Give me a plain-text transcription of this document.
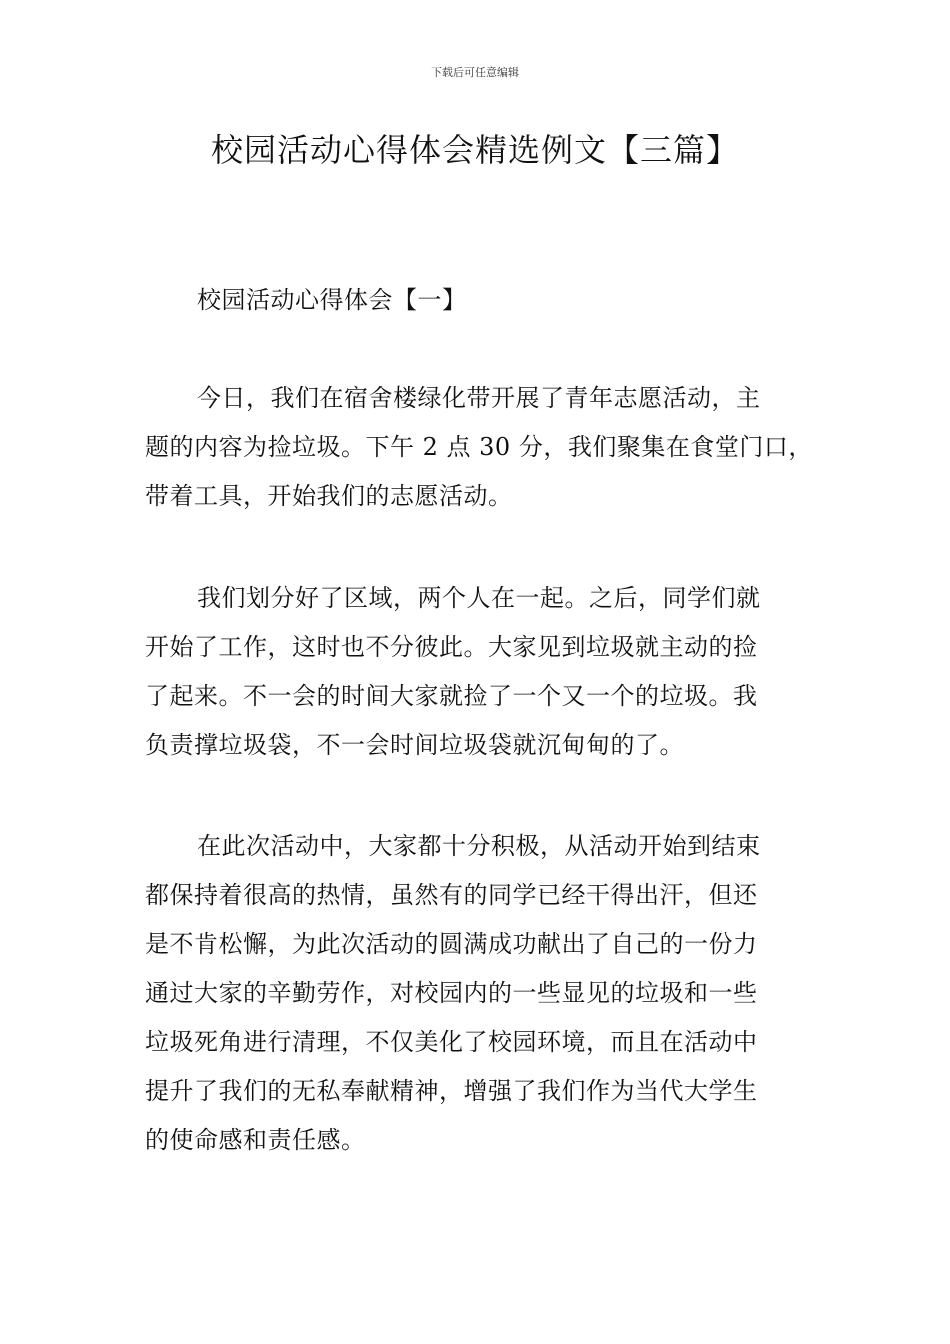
下载后可任意编辑
校园活动心得体会精选例文【三篇】
校园活动心得体会【一】
今日，我们在宿舍楼绿化带开展了青年志愿活动，主
题的内容为捡垃圾。下午 2 点 30 分，我们聚集在食堂门口，
带着工具，开始我们的志愿活动。
我们划分好了区域，两个人在一起。之后，同学们就
开始了工作，这时也不分彼此。大家见到垃圾就主动的捡
了起来。不一会的时间大家就捡了一个又一个的垃圾。我
负责撑垃圾袋，不一会时间垃圾袋就沉甸甸的了。
在此次活动中，大家都十分积极，从活动开始到结束
都保持着很高的热情，虽然有的同学已经干得出汗，但还
是不肯松懈，为此次活动的圆满成功献出了自己的一份力
通过大家的辛勤劳作，对校园内的一些显见的垃圾和一些
垃圾死角进行清理，不仅美化了校园环境，而且在活动中
提升了我们的无私奉献精神，增强了我们作为当代大学生
的使命感和责任感。
